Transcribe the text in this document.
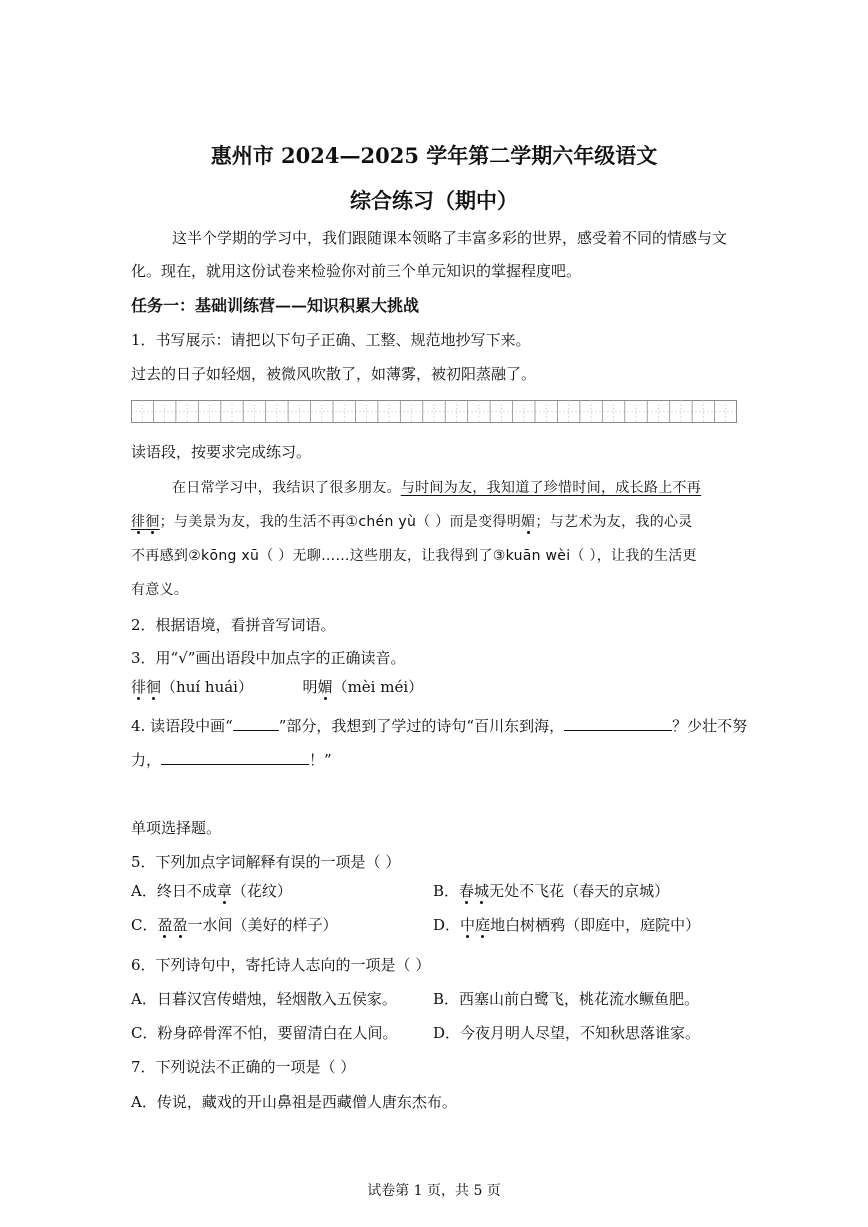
惠州市 2024—2025 学年第二学期六年级语文
综合练习（期中）
这半个学期的学习中，我们跟随课本领略了丰富多彩的世界，感受着不同的情感与文
化。现在，就用这份试卷来检验你对前三个单元知识的掌握程度吧。
任务一：基础训练营——知识积累大挑战
1．书写展示：请把以下句子正确、工整、规范地抄写下来。
过去的日子如轻烟，被微风吹散了，如薄雾，被初阳蒸融了。
读语段，按要求完成练习。
在日常学习中，我结识了很多朋友。与时间为友，我知道了珍惜时间，成长路上不再
徘徊；与美景为友，我的生活不再①chén yù（ ）而是变得明媚；与艺术为友，我的心灵
不再感到②kōng xū（ ）无聊……这些朋友，让我得到了③kuān wèi（ ），让我的生活更
有意义。
2．根据语境，看拼音写词语。
3．用“√”画出语段中加点字的正确读音。
徘徊（huí huái）	明媚（mèi méi）
4. 读语段中画“	”部分，我想到了学过的诗句“百川东到海，	？少壮不努
力，	！”
单项选择题。
5．下列加点字词解释有误的一项是（ ）
A．终日不成章（花纹）	B．春城无处不飞花（春天的京城）
C．盈盈一水间（美好的样子）	D．中庭地白树栖鸦（即庭中，庭院中）
6．下列诗句中，寄托诗人志向的一项是（ ）
A．日暮汉宫传蜡烛，轻烟散入五侯家。 B．西塞山前白鹭飞，桃花流水鳜鱼肥。
C．粉身碎骨浑不怕，要留清白在人间。 D．今夜月明人尽望，不知秋思落谁家。
7．下列说法不正确的一项是（ ）
A．传说，藏戏的开山鼻祖是西藏僧人唐东杰布。
试卷第 1 页，共 5 页
